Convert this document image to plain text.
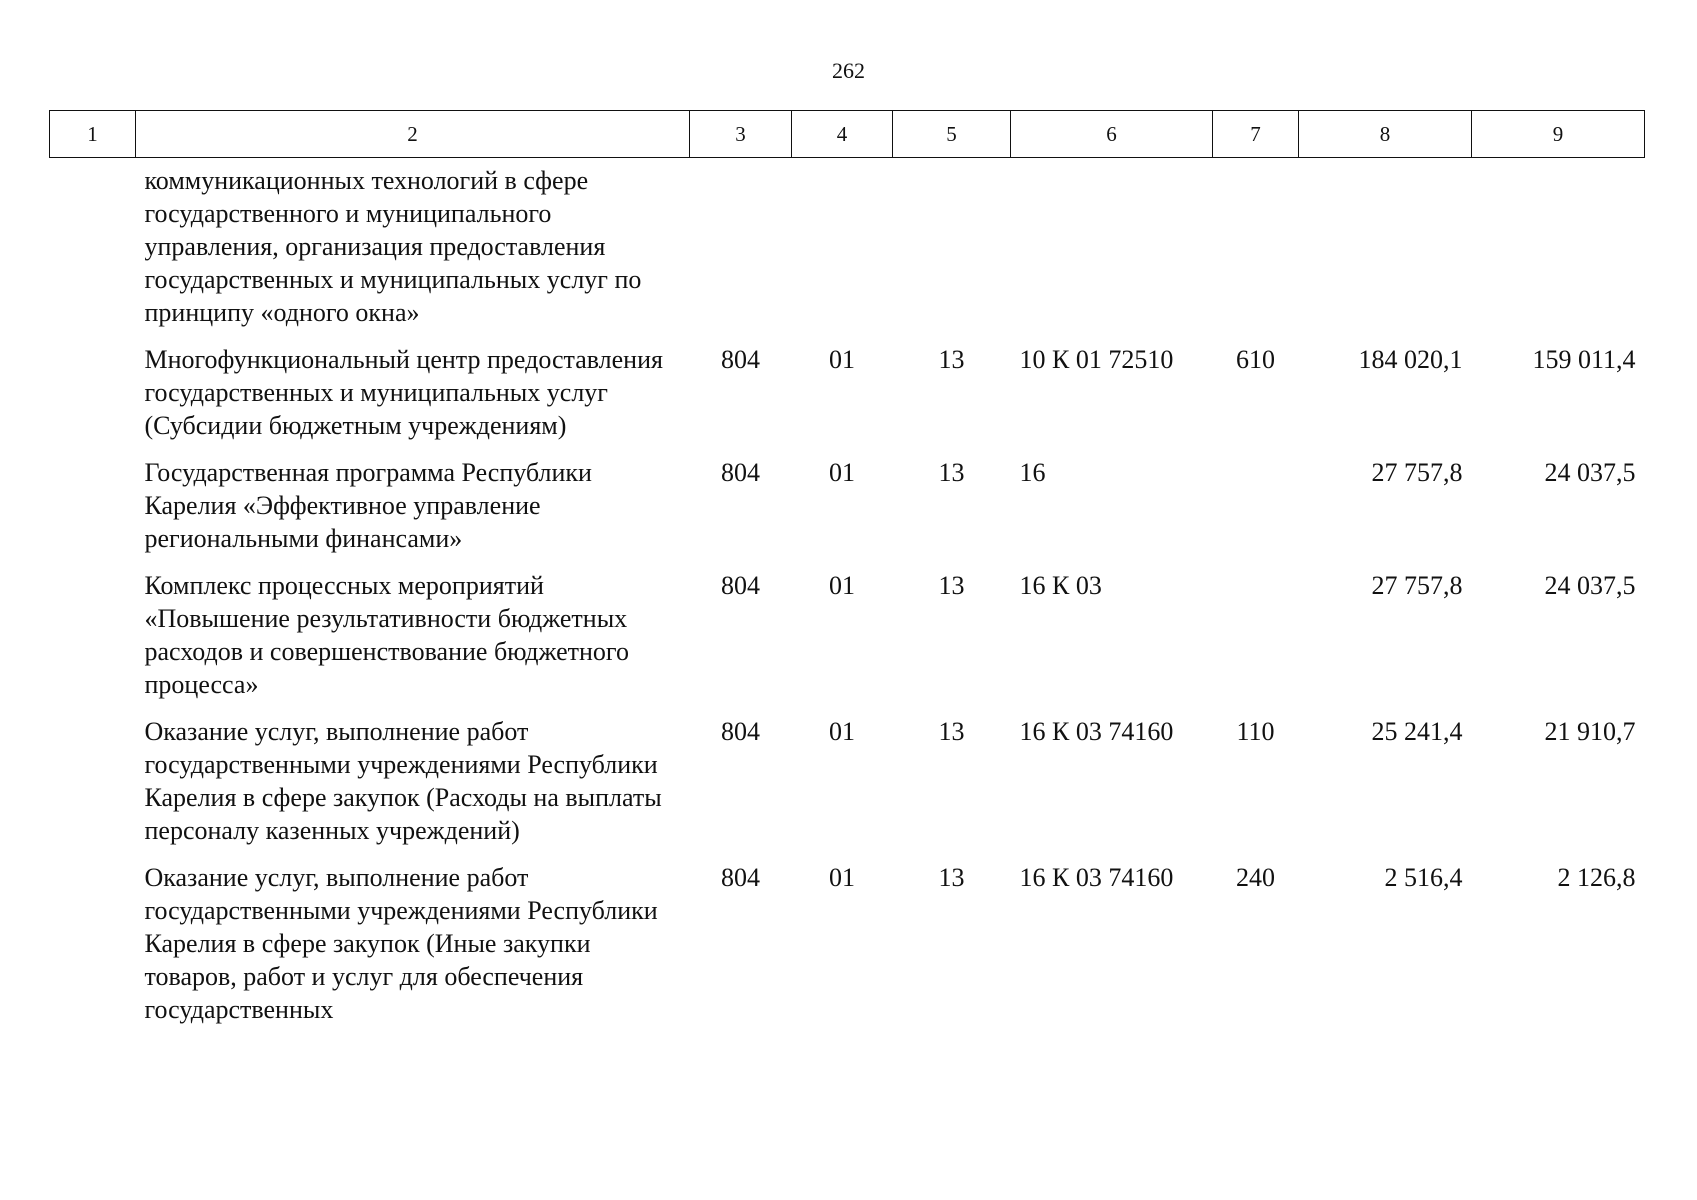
262
1	2	3	4	5	6	7	8	9
коммуникационных технологий в сфере государственного и муниципального управления, организация предоставления государственных и муниципальных услуг по принципу «одного окна»								
Многофункциональный центр предоставления государственных и муниципальных услуг (Субсидии бюджетным учреждениям)		804	01	13	10 К 01 72510	610	184 020,1	159 011,4
Государственная программа Республики Карелия «Эффективное управление региональными финансами»		804	01	13	16		27 757,8	24 037,5
Комплекс процессных мероприятий «Повышение результативности бюджетных расходов и совершенствование бюджетного процесса»		804	01	13	16 К 03		27 757,8	24 037,5
Оказание услуг, выполнение работ государственными учреждениями Республики Карелия в сфере закупок (Расходы на выплаты персоналу казенных учреждений)		804	01	13	16 К 03 74160	110	25 241,4	21 910,7
Оказание услуг, выполнение работ государственными учреждениями Республики Карелия в сфере закупок (Иные закупки товаров, работ и услуг для обеспечения государственных		804	01	13	16 К 03 74160	240	2 516,4	2 126,8
